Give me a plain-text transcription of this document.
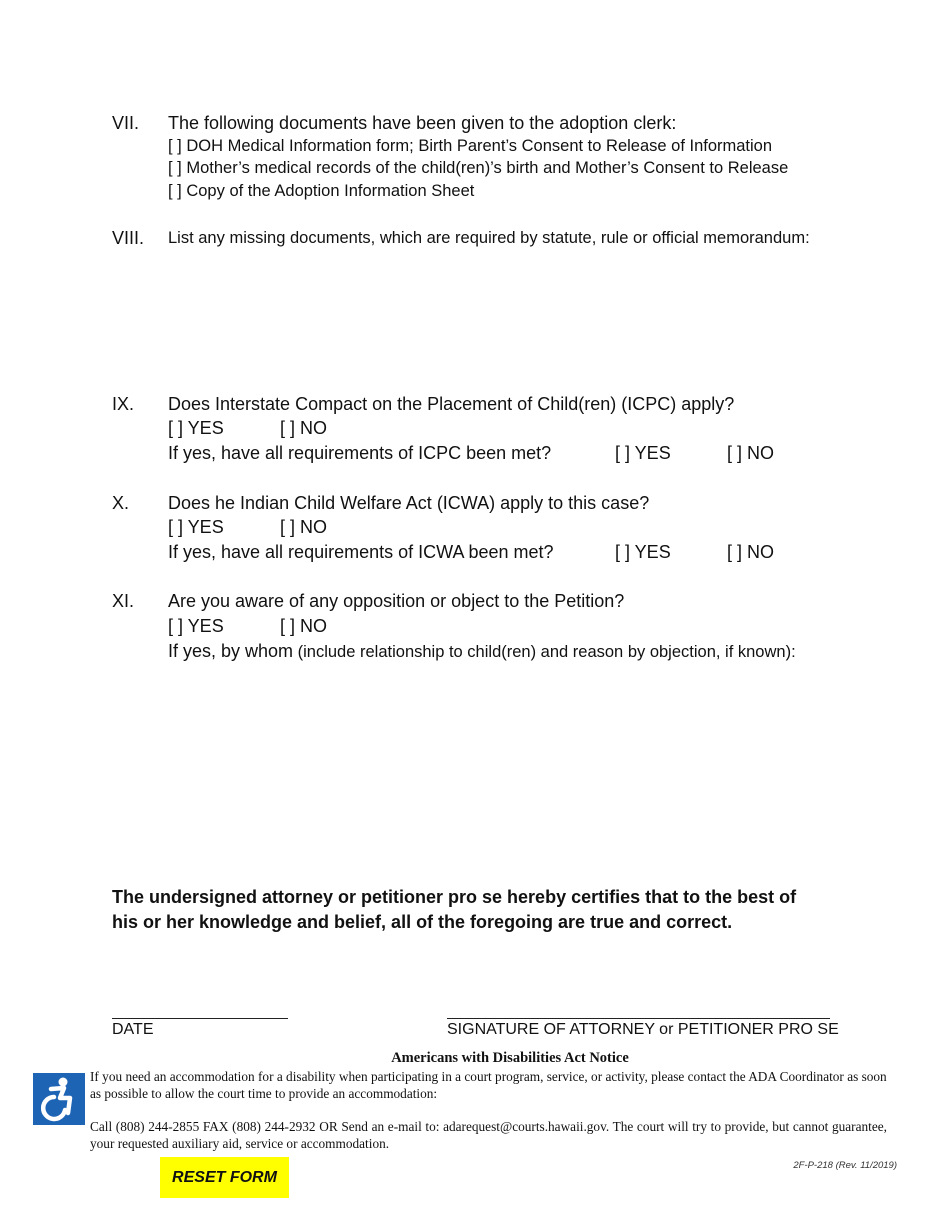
VII. The following documents have been given to the adoption clerk:
[ ] DOH Medical Information form; Birth Parent’s Consent to Release of Information
[ ] Mother’s medical records of the child(ren)’s birth and Mother’s Consent to Release
[ ] Copy of the Adoption Information Sheet
VIII. List any missing documents, which are required by statute, rule or official memorandum:
IX. Does Interstate Compact on the Placement of Child(ren) (ICPC) apply?
[ ] YES	[ ] NO
If yes, have all requirements of ICPC been met?	[ ] YES	[ ] NO
X. Does he Indian Child Welfare Act (ICWA) apply to this case?
[ ] YES	[ ] NO
If yes, have all requirements of ICWA been met?	[ ] YES	[ ] NO
XI. Are you aware of any opposition or object to the Petition?
[ ] YES	[ ] NO
If yes, by whom (include relationship to child(ren) and reason by objection, if known):
The undersigned attorney or petitioner pro se hereby certifies that to the best of
his or her knowledge and belief, all of the foregoing are true and correct.
DATE	SIGNATURE OF ATTORNEY or PETITIONER PRO SE
Americans with Disabilities Act Notice
If you need an accommodation for a disability when participating in a court program, service, or activity, please contact the ADA Coordinator as soon as possible to allow the court time to provide an accommodation:
Call (808) 244-2855 FAX (808) 244-2932 OR Send an e-mail to: adarequest@courts.hawaii.gov. The court will try to provide, but cannot guarantee, your requested auxiliary aid, service or accommodation.
RESET FORM
2F-P-218 (Rev. 11/2019)
